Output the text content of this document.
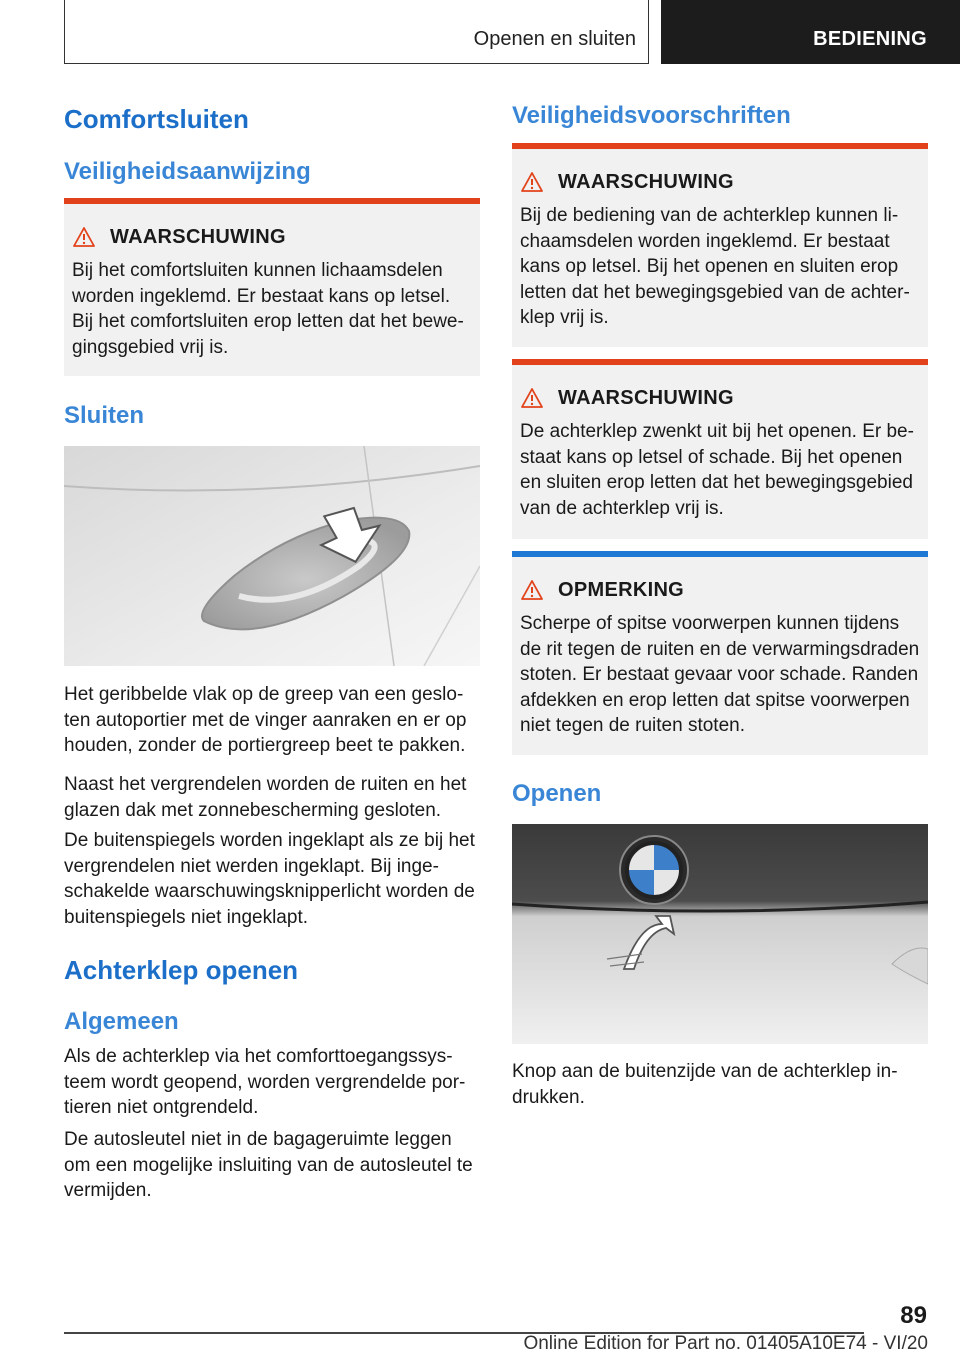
Openen en sluiten	BEDIENING
Comfortsluiten
Veiligheidsaanwijzing
WAARSCHUWING

Bij het comfortsluiten kunnen lichaamsdelen
worden ingeklemd. Er bestaat kans op letsel.
Bij het comfortsluiten erop letten dat het bewe-
gingsgebied vrij is.

Sluiten
Het geribbelde vlak op de greep van een geslo-
ten autoportier met de vinger aanraken en er op
houden, zonder de portiergreep beet te pakken.
Naast het vergrendelen worden de ruiten en het
glazen dak met zonnebescherming gesloten.
De buitenspiegels worden ingeklapt als ze bij het
vergrendelen niet werden ingeklapt. Bij inge-
schakelde waarschuwingsknipperlicht worden de
buitenspiegels niet ingeklapt.
Achterklep openen
Algemeen
Als de achterklep via het comforttoegangssys-
teem wordt geopend, worden vergrendelde por-
tieren niet ontgrendeld.
De autosleutel niet in de bagageruimte leggen
om een mogelijke insluiting van de autosleutel te
vermijden.
Veiligheidsvoorschriften
WAARSCHUWING

Bij de bediening van de achterklep kunnen li-
chaamsdelen worden ingeklemd. Er bestaat
kans op letsel. Bij het openen en sluiten erop
letten dat het bewegingsgebied van de achter-
klep vrij is.

WAARSCHUWING

De achterklep zwenkt uit bij het openen. Er be-
staat kans op letsel of schade. Bij het openen
en sluiten erop letten dat het bewegingsgebied
van de achterklep vrij is.

OPMERKING

Scherpe of spitse voorwerpen kunnen tijdens
de rit tegen de ruiten en de verwarmingsdraden
stoten. Er bestaat gevaar voor schade. Randen
afdekken en erop letten dat spitse voorwerpen
niet tegen de ruiten stoten.

Openen
Knop aan de buitenzijde van de achterklep in-
drukken.
89
Online Edition for Part no. 01405A10E74 - VI/20
